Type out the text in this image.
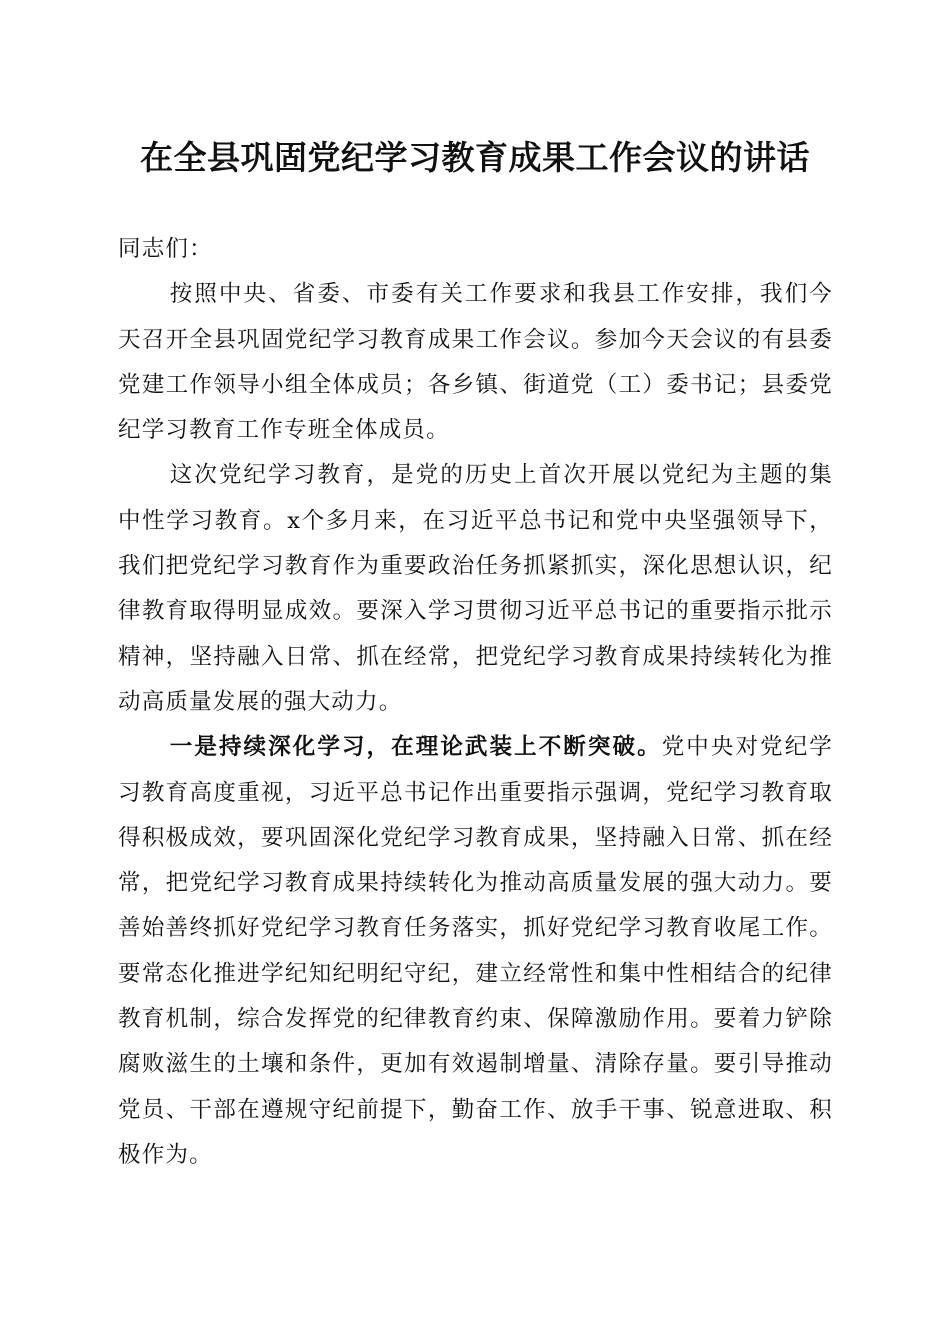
在全县巩固党纪学习教育成果工作会议的讲话

同志们：

按照中央、省委、市委有关工作要求和我县工作安排，我们今天召开全县巩固党纪学习教育成果工作会议。参加今天会议的有县委党建工作领导小组全体成员；各乡镇、街道党（工）委书记；县委党纪学习教育工作专班全体成员。

这次党纪学习教育，是党的历史上首次开展以党纪为主题的集中性学习教育。x个多月来，在习近平总书记和党中央坚强领导下，我们把党纪学习教育作为重要政治任务抓紧抓实，深化思想认识，纪律教育取得明显成效。要深入学习贯彻习近平总书记的重要指示批示精神，坚持融入日常、抓在经常，把党纪学习教育成果持续转化为推动高质量发展的强大动力。

一是持续深化学习，在理论武装上不断突破。党中央对党纪学习教育高度重视，习近平总书记作出重要指示强调，党纪学习教育取得积极成效，要巩固深化党纪学习教育成果，坚持融入日常、抓在经常，把党纪学习教育成果持续转化为推动高质量发展的强大动力。要善始善终抓好党纪学习教育任务落实，抓好党纪学习教育收尾工作。要常态化推进学纪知纪明纪守纪，建立经常性和集中性相结合的纪律教育机制，综合发挥党的纪律教育约束、保障激励作用。要着力铲除腐败滋生的土壤和条件，更加有效遏制增量、清除存量。要引导推动党员、干部在遵规守纪前提下，勤奋工作、放手干事、锐意进取、积极作为。
